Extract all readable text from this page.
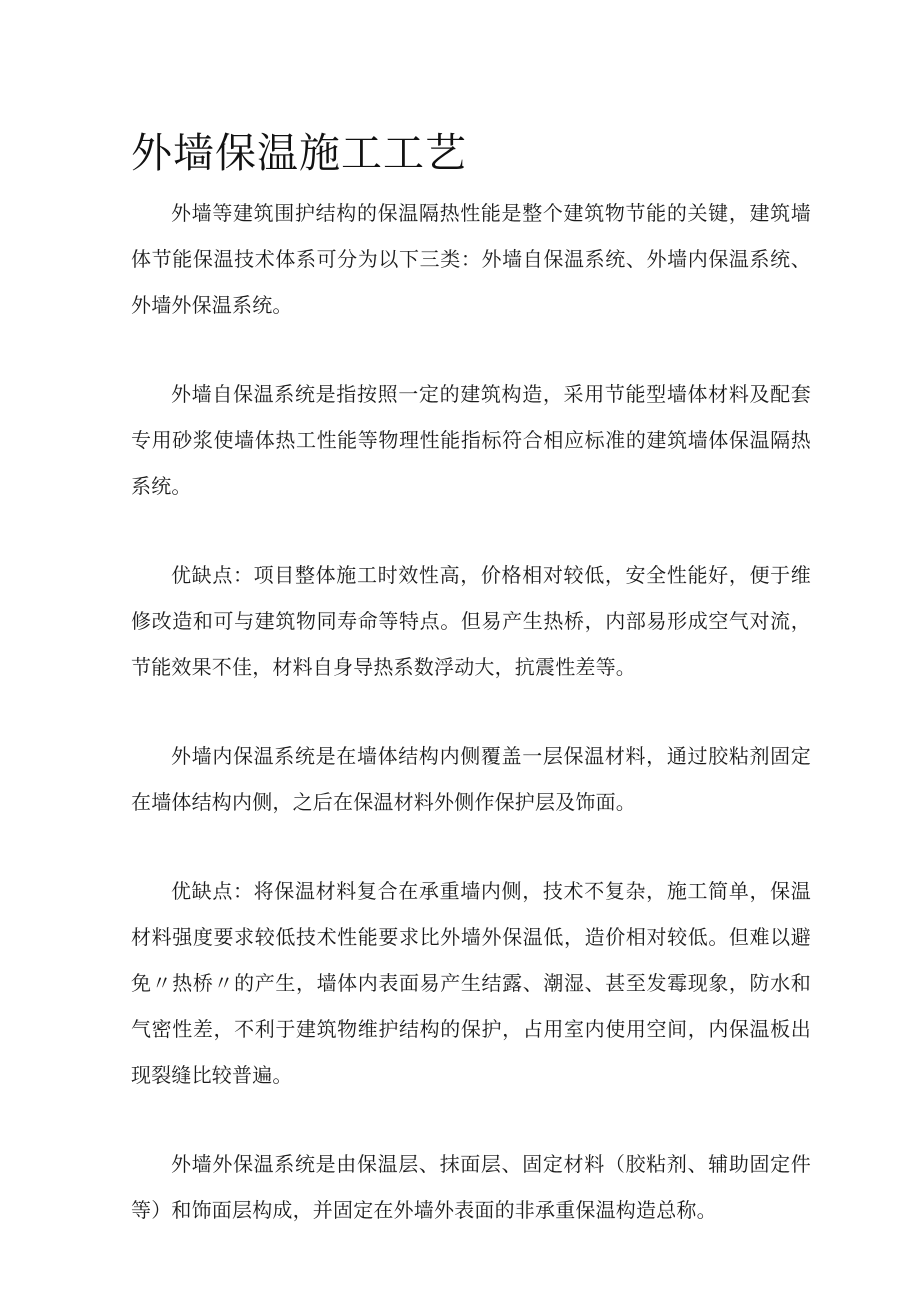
外墙保温施工工艺

外墙等建筑围护结构的保温隔热性能是整个建筑物节能的关键，建筑墙体节能保温技术体系可分为以下三类：外墙自保温系统、外墙内保温系统、外墙外保温系统。

外墙自保温系统是指按照一定的建筑构造，采用节能型墙体材料及配套专用砂浆使墙体热工性能等物理性能指标符合相应标准的建筑墙体保温隔热系统。

优缺点：项目整体施工时效性高，价格相对较低，安全性能好，便于维修改造和可与建筑物同寿命等特点。但易产生热桥，内部易形成空气对流，节能效果不佳，材料自身导热系数浮动大，抗震性差等。

外墙内保温系统是在墙体结构内侧覆盖一层保温材料，通过胶粘剂固定在墙体结构内侧，之后在保温材料外侧作保护层及饰面。

优缺点：将保温材料复合在承重墙内侧，技术不复杂，施工简单，保温材料强度要求较低技术性能要求比外墙外保温低，造价相对较低。但难以避免〃热桥〃的产生，墙体内表面易产生结露、潮湿、甚至发霉现象，防水和气密性差，不利于建筑物维护结构的保护，占用室内使用空间，内保温板出现裂缝比较普遍。

外墙外保温系统是由保温层、抹面层、固定材料（胶粘剂、辅助固定件等）和饰面层构成，并固定在外墙外表面的非承重保温构造总称。
